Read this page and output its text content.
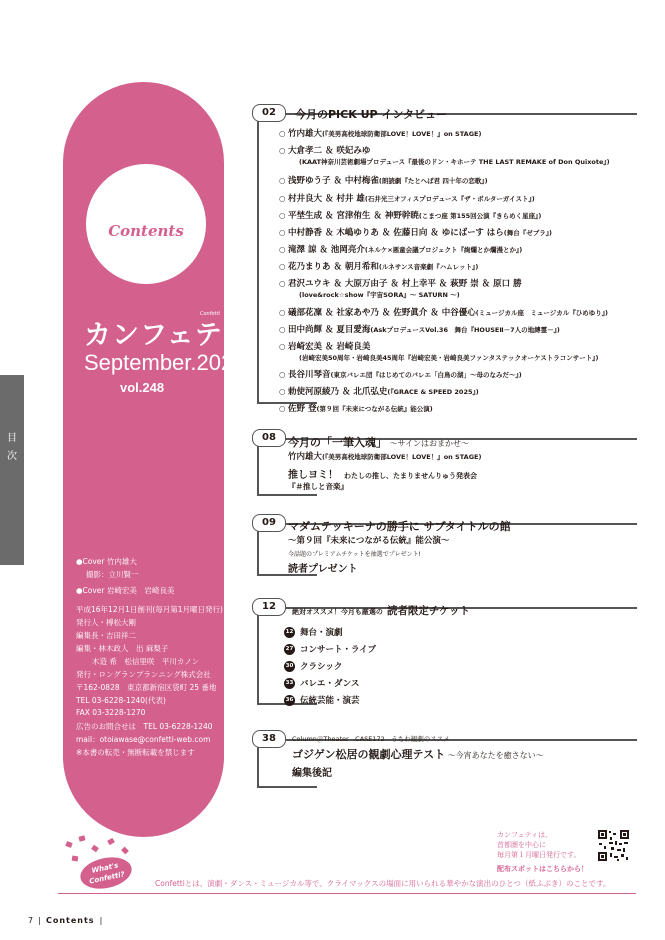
目
次
Contents
カンフェティ
Confetti
September.2025
vol.248
●Cover 竹内雄大
撮影：立川賢一
●Cover 岩崎宏美　岩崎良美
平成16年12月1日創刊(毎月第1月曜日発行)
発行人・榑松大剛
編集長・吉田祥二
編集・林木政人　出 麻梨子
木造 希　松信里咲　平川カノン
発行・ロングランプランニング株式会社
〒162-0828　東京都新宿区袋町 25 番地
TEL 03-6228-1240(代表)
FAX 03-3228-1270
広告のお問合せは　TEL 03-6228-1240
mail：otoiawase@confetti-web.com
※本書の転売・無断転載を禁じます
02	今月のPICK UP インタビュー
○ 竹内雄大(『美男高校地球防衛部LOVE！LOVE！』on STAGE)
○ 大倉孝二 ＆ 咲妃みゆ
(KAAT神奈川芸術劇場プロデュース『最後のドン・キホーテ THE LAST REMAKE of Don Quixote』)
○ 浅野ゆう子 ＆ 中村梅雀(朗読劇『たとへば君 四十年の恋歌』)
○ 村井良大 ＆ 村井 雄(石井光三オフィスプロデュース『ザ・ボルターガイスト』)
○ 平埜生成 ＆ 宮津侑生 ＆ 神野幹暁(こまつ座 第155回公演『きらめく星座』)
○ 中村静香 ＆ 木嶋ゆりあ ＆ 佐藤日向 ＆ ゆにばーす はら(舞台『ゼブラ』)
○ 滝澤 諒 ＆ 池岡亮介(ネルケ×悪童会議プロジェクト『絢爛とか爛漫とか』)
○ 花乃まりあ ＆ 朝月希和(ルネサンス音楽劇『ハムレット』)
○ 君沢ユウキ ＆ 大原万由子 ＆ 村上幸平 ＆ 萩野 崇 ＆ 原口 勝
(love&rock☆show『宇宙SORA』～ SATURN ～)
○ 礒部花凜 ＆ 社家あや乃 ＆ 佐野眞介 ＆ 中谷優心(ミュージカル座　ミュージカル『ひめゆり』)
○ 田中尚輝 ＆ 夏目愛海(AskプロデュースVol.36　舞台『HOUSEⅡ－7人の地縛霊－』)
○ 岩崎宏美 ＆ 岩崎良美
(岩崎宏美50周年・岩崎良美45周年『岩崎宏美・岩崎良美ファンタステックオーケストラコンサート』)
○ 長谷川琴音(東京バレエ団『はじめてのバレエ「白鳥の湖」～母のなみだ～』)
○ 勅使河原綾乃 ＆ 北爪弘史(『GRACE & SPEED 2025』)
○ 佐野 登(第９回『未来につながる伝統』能公演)
08	今月の「一筆入魂」 ～サインはおまかせ～
竹内雄大(『美男高校地球防衛部LOVE！LOVE！』on STAGE)
推しヨミ！ わたしの推し、たまりませんりゅう発表会
『＃推しと音楽』
09	マダムテッキーナの勝手に サブタイトルの館
～第９回『未来につながる伝統』能公演～
今話題のプレミアムチケットを抽選でプレゼント!
読者プレゼント
12	絶対オススメ！今月も厳選の 読者限定チケット
12 舞台・演劇
27 コンサート・ライブ
30 クラシック
33 バレエ・ダンス
36 伝統芸能・演芸
38	Column＠Theater　CASE172　うちわ観劇のススメ
ゴジゲン松居の観劇心理テスト ～今宵あなたを癒さない～
編集後記
カンフェティは、
首都圏を中心に
毎月第１月曜日発行です。
配布スポットはこちらから！
What's Confetti?	Confettiとは、演劇・ダンス・ミュージカル等で、クライマックスの場面に用いられる華やかな演出のひとつ（紙ふぶき）のことです。
7  |  Contents  |
